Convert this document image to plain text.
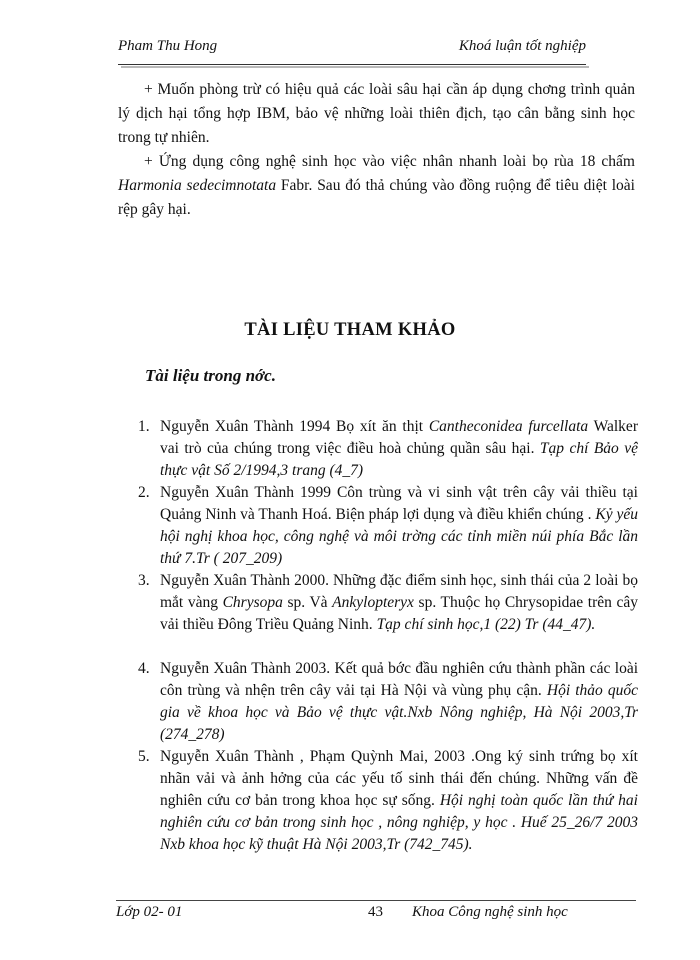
Pham Thu Hong	Khoá luận tốt nghiệp
+ Muốn phòng trừ có hiệu quả các loài sâu hại cần áp dụng chơng trình quản lý dịch hại tổng hợp IBM, bảo vệ những loài thiên địch, tạo cân bằng sinh học trong tự nhiên.
+ Ứng dụng công nghệ sinh học vào việc nhân nhanh loài bọ rùa 18 chấm Harmonia sedecimnotata Fabr. Sau đó thả chúng vào đồng ruộng để tiêu diệt loài rệp gây hại.
TÀI LIỆU THAM KHẢO
Tài liệu trong nớc.
1. Nguyễn Xuân Thành 1994 Bọ xít ăn thịt Cantheconidea furcellata Walker vai trò của chúng trong việc điều hoà chủng quần sâu hại. Tạp chí Bảo vệ thực vật Số 2/1994,3 trang (4_7)
2. Nguyễn Xuân Thành 1999 Côn trùng và vi sinh vật trên cây vải thiều tại Quảng Ninh và Thanh Hoá. Biện pháp lợi dụng và điều khiển chúng . Kỷ yếu hội nghị khoa học, công nghệ và môi trờng các tỉnh miền núi phía Bắc lần thứ 7.Tr ( 207_209)
3. Nguyễn Xuân Thành 2000. Những đặc điểm sinh học, sinh thái của 2 loài bọ mắt vàng Chrysopa sp. Và Ankylopteryx sp. Thuộc họ Chrysopidae trên cây vải thiều Đông Triều Quảng Ninh. Tạp chí sinh học,1 (22) Tr (44_47).
4. Nguyễn Xuân Thành 2003. Kết quả bớc đầu nghiên cứu thành phần các loài côn trùng và nhện trên cây vải tại Hà Nội và vùng phụ cận. Hội thảo quốc gia về khoa học và Bảo vệ thực vật.Nxb Nông nghiệp, Hà Nội 2003,Tr (274_278)
5. Nguyễn Xuân Thành , Phạm Quỳnh Mai, 2003 .Ong ký sinh trứng bọ xít nhãn vải và ảnh hởng của các yếu tố sinh thái đến chúng. Những vấn đề nghiên cứu cơ bản trong khoa học sự sống. Hội nghị toàn quốc lần thứ hai nghiên cứu cơ bản trong sinh học , nông nghiệp, y học . Huế 25_26/7 2003 Nxb khoa học kỹ thuật Hà Nội 2003,Tr (742_745).
Lớp 02- 01	43 Khoa Công nghệ sinh học
